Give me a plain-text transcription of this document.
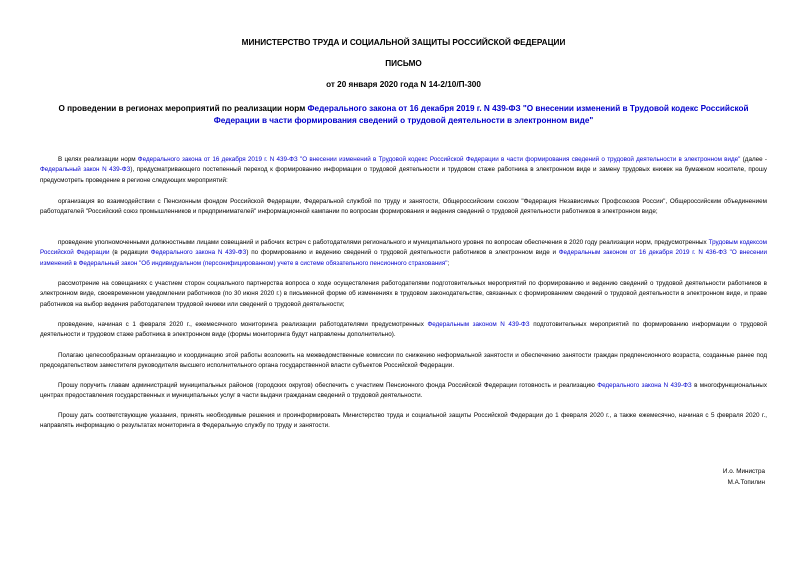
МИНИСТЕРСТВО ТРУДА И СОЦИАЛЬНОЙ ЗАЩИТЫ РОССИЙСКОЙ ФЕДЕРАЦИИ
ПИСЬМО
от 20 января 2020 года N 14-2/10/П-300
О проведении в регионах мероприятий по реализации норм Федерального закона от 16 декабря 2019 г. N 439-ФЗ "О внесении изменений в Трудовой кодекс Российской Федерации в части формирования сведений о трудовой деятельности в электронном виде"

В целях реализации норм Федерального закона от 16 декабря 2019 г. N 439-ФЗ "О внесении изменений в Трудовой кодекс Российской Федерации в части формирования сведений о трудовой деятельности в электронном виде" (далее - Федеральный закон N 439-ФЗ), предусматривающего постепенный переход к формированию информации о трудовой деятельности и трудовом стаже работника в электронном виде и замену трудовых книжек на бумажном носителе, прошу предусмотреть проведение в регионе следующих мероприятий:

организация во взаимодействии с Пенсионным фондом Российской Федерации, Федеральной службой по труду и занятости, Общероссийским союзом "Федерация Независимых Профсоюзов России", Общероссийским объединением работодателей "Российский союз промышленников и предпринимателей" информационной кампании по вопросам формирования и ведения сведений о трудовой деятельности работников в электронном виде;

проведение уполномоченными должностными лицами совещаний и рабочих встреч с работодателями регионального и муниципального уровня по вопросам обеспечения в 2020 году реализации норм, предусмотренных Трудовым кодексом Российской Федерации (в редакции Федерального закона N 439-ФЗ) по формированию и ведению сведений о трудовой деятельности работников в электронном виде и Федеральным законом от 16 декабря 2019 г. N 436-ФЗ "О внесении изменений в Федеральный закон "Об индивидуальном (персонифицированном) учете в системе обязательного пенсионного страхования";

рассмотрение на совещаниях с участием сторон социального партнерства вопроса о ходе осуществления работодателями подготовительных мероприятий по формированию и ведению сведений о трудовой деятельности работников в электронном виде, своевременном уведомлении работников (по 30 июня 2020 г.) в письменной форме об изменениях в трудовом законодательстве, связанных с формированием сведений о трудовой деятельности в электронном виде, и праве работников на выбор ведения работодателем трудовой книжки или сведений о трудовой деятельности;

проведение, начиная с 1 февраля 2020 г., ежемесячного мониторинга реализации работодателями предусмотренных Федеральным законом N 439-ФЗ подготовительных мероприятий по формированию информации о трудовой деятельности и трудовом стаже работника в электронном виде (формы мониторинга будут направлены дополнительно).

Полагаю целесообразным организацию и координацию этой работы возложить на межведомственные комиссии по снижению неформальной занятости и обеспечению занятости граждан предпенсионного возраста, созданные ранее под председательством заместителя руководителя высшего исполнительного органа государственной власти субъектов Российской Федерации.

Прошу поручить главам администраций муниципальных районов (городских округов) обеспечить с участием Пенсионного фонда Российской Федерации готовность и реализацию Федерального закона N 439-ФЗ в многофункциональных центрах предоставления государственных и муниципальных услуг в части выдачи гражданам сведений о трудовой деятельности.

Прошу дать соответствующие указания, принять необходимые решения и проинформировать Министерство труда и социальной защиты Российской Федерации до 1 февраля 2020 г., а также ежемесячно, начиная с 5 февраля 2020 г., направлять информацию о результатах мониторинга в Федеральную службу по труду и занятости.

И.о. Министра
М.А.Топилин
